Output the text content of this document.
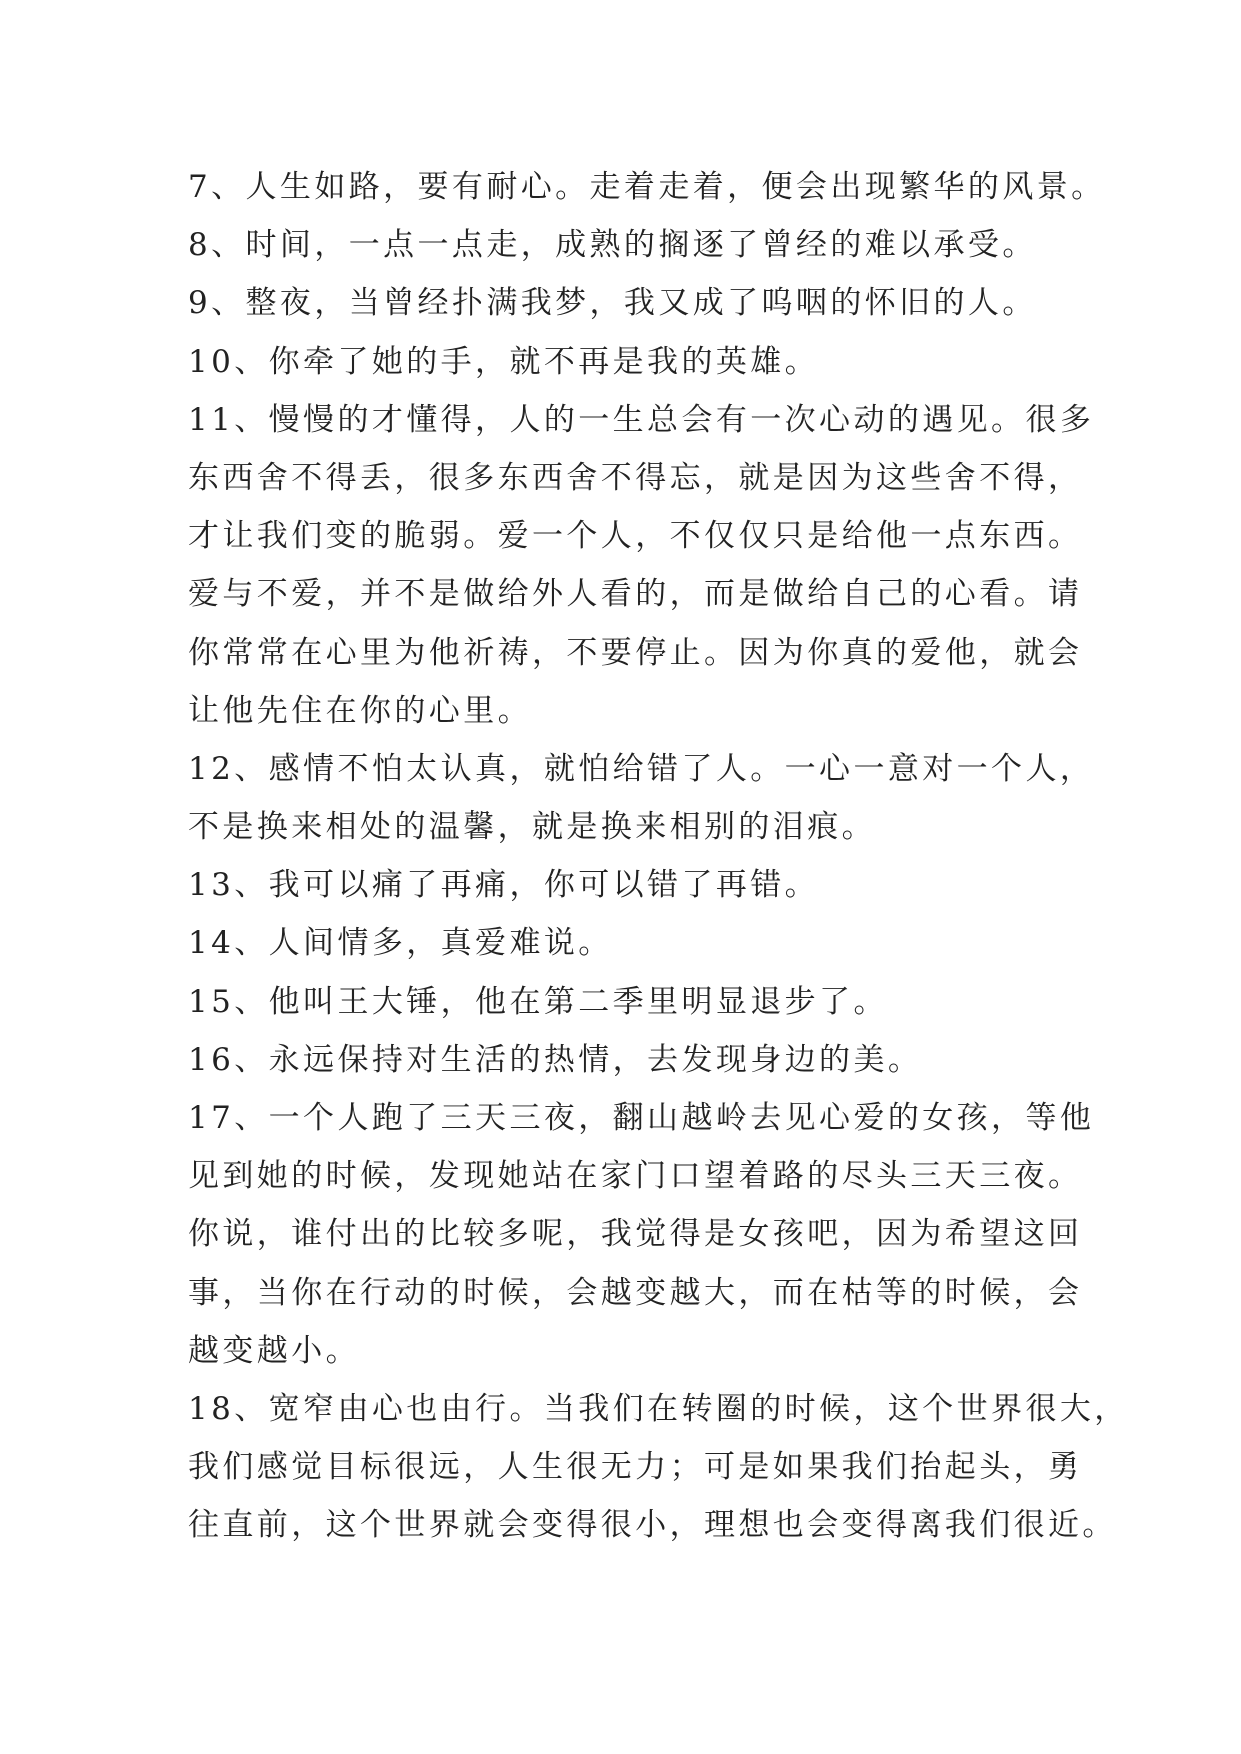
7、人生如路，要有耐心。走着走着，便会出现繁华的风景。
8、时间，一点一点走，成熟的搁逐了曾经的难以承受。
9、整夜，当曾经扑满我梦，我又成了呜咽的怀旧的人。
10、你牵了她的手，就不再是我的英雄。
11、慢慢的才懂得，人的一生总会有一次心动的遇见。很多
东西舍不得丢，很多东西舍不得忘，就是因为这些舍不得，
才让我们变的脆弱。爱一个人，不仅仅只是给他一点东西。
爱与不爱，并不是做给外人看的，而是做给自己的心看。请
你常常在心里为他祈祷，不要停止。因为你真的爱他，就会
让他先住在你的心里。
12、感情不怕太认真，就怕给错了人。一心一意对一个人，
不是换来相处的温馨，就是换来相别的泪痕。
13、我可以痛了再痛，你可以错了再错。
14、人间情多，真爱难说。
15、他叫王大锤，他在第二季里明显退步了。
16、永远保持对生活的热情，去发现身边的美。
17、一个人跑了三天三夜，翻山越岭去见心爱的女孩，等他
见到她的时候，发现她站在家门口望着路的尽头三天三夜。
你说，谁付出的比较多呢，我觉得是女孩吧，因为希望这回
事，当你在行动的时候，会越变越大，而在枯等的时候，会
越变越小。
18、宽窄由心也由行。当我们在转圈的时候，这个世界很大，
我们感觉目标很远，人生很无力；可是如果我们抬起头，勇
往直前，这个世界就会变得很小，理想也会变得离我们很近。
